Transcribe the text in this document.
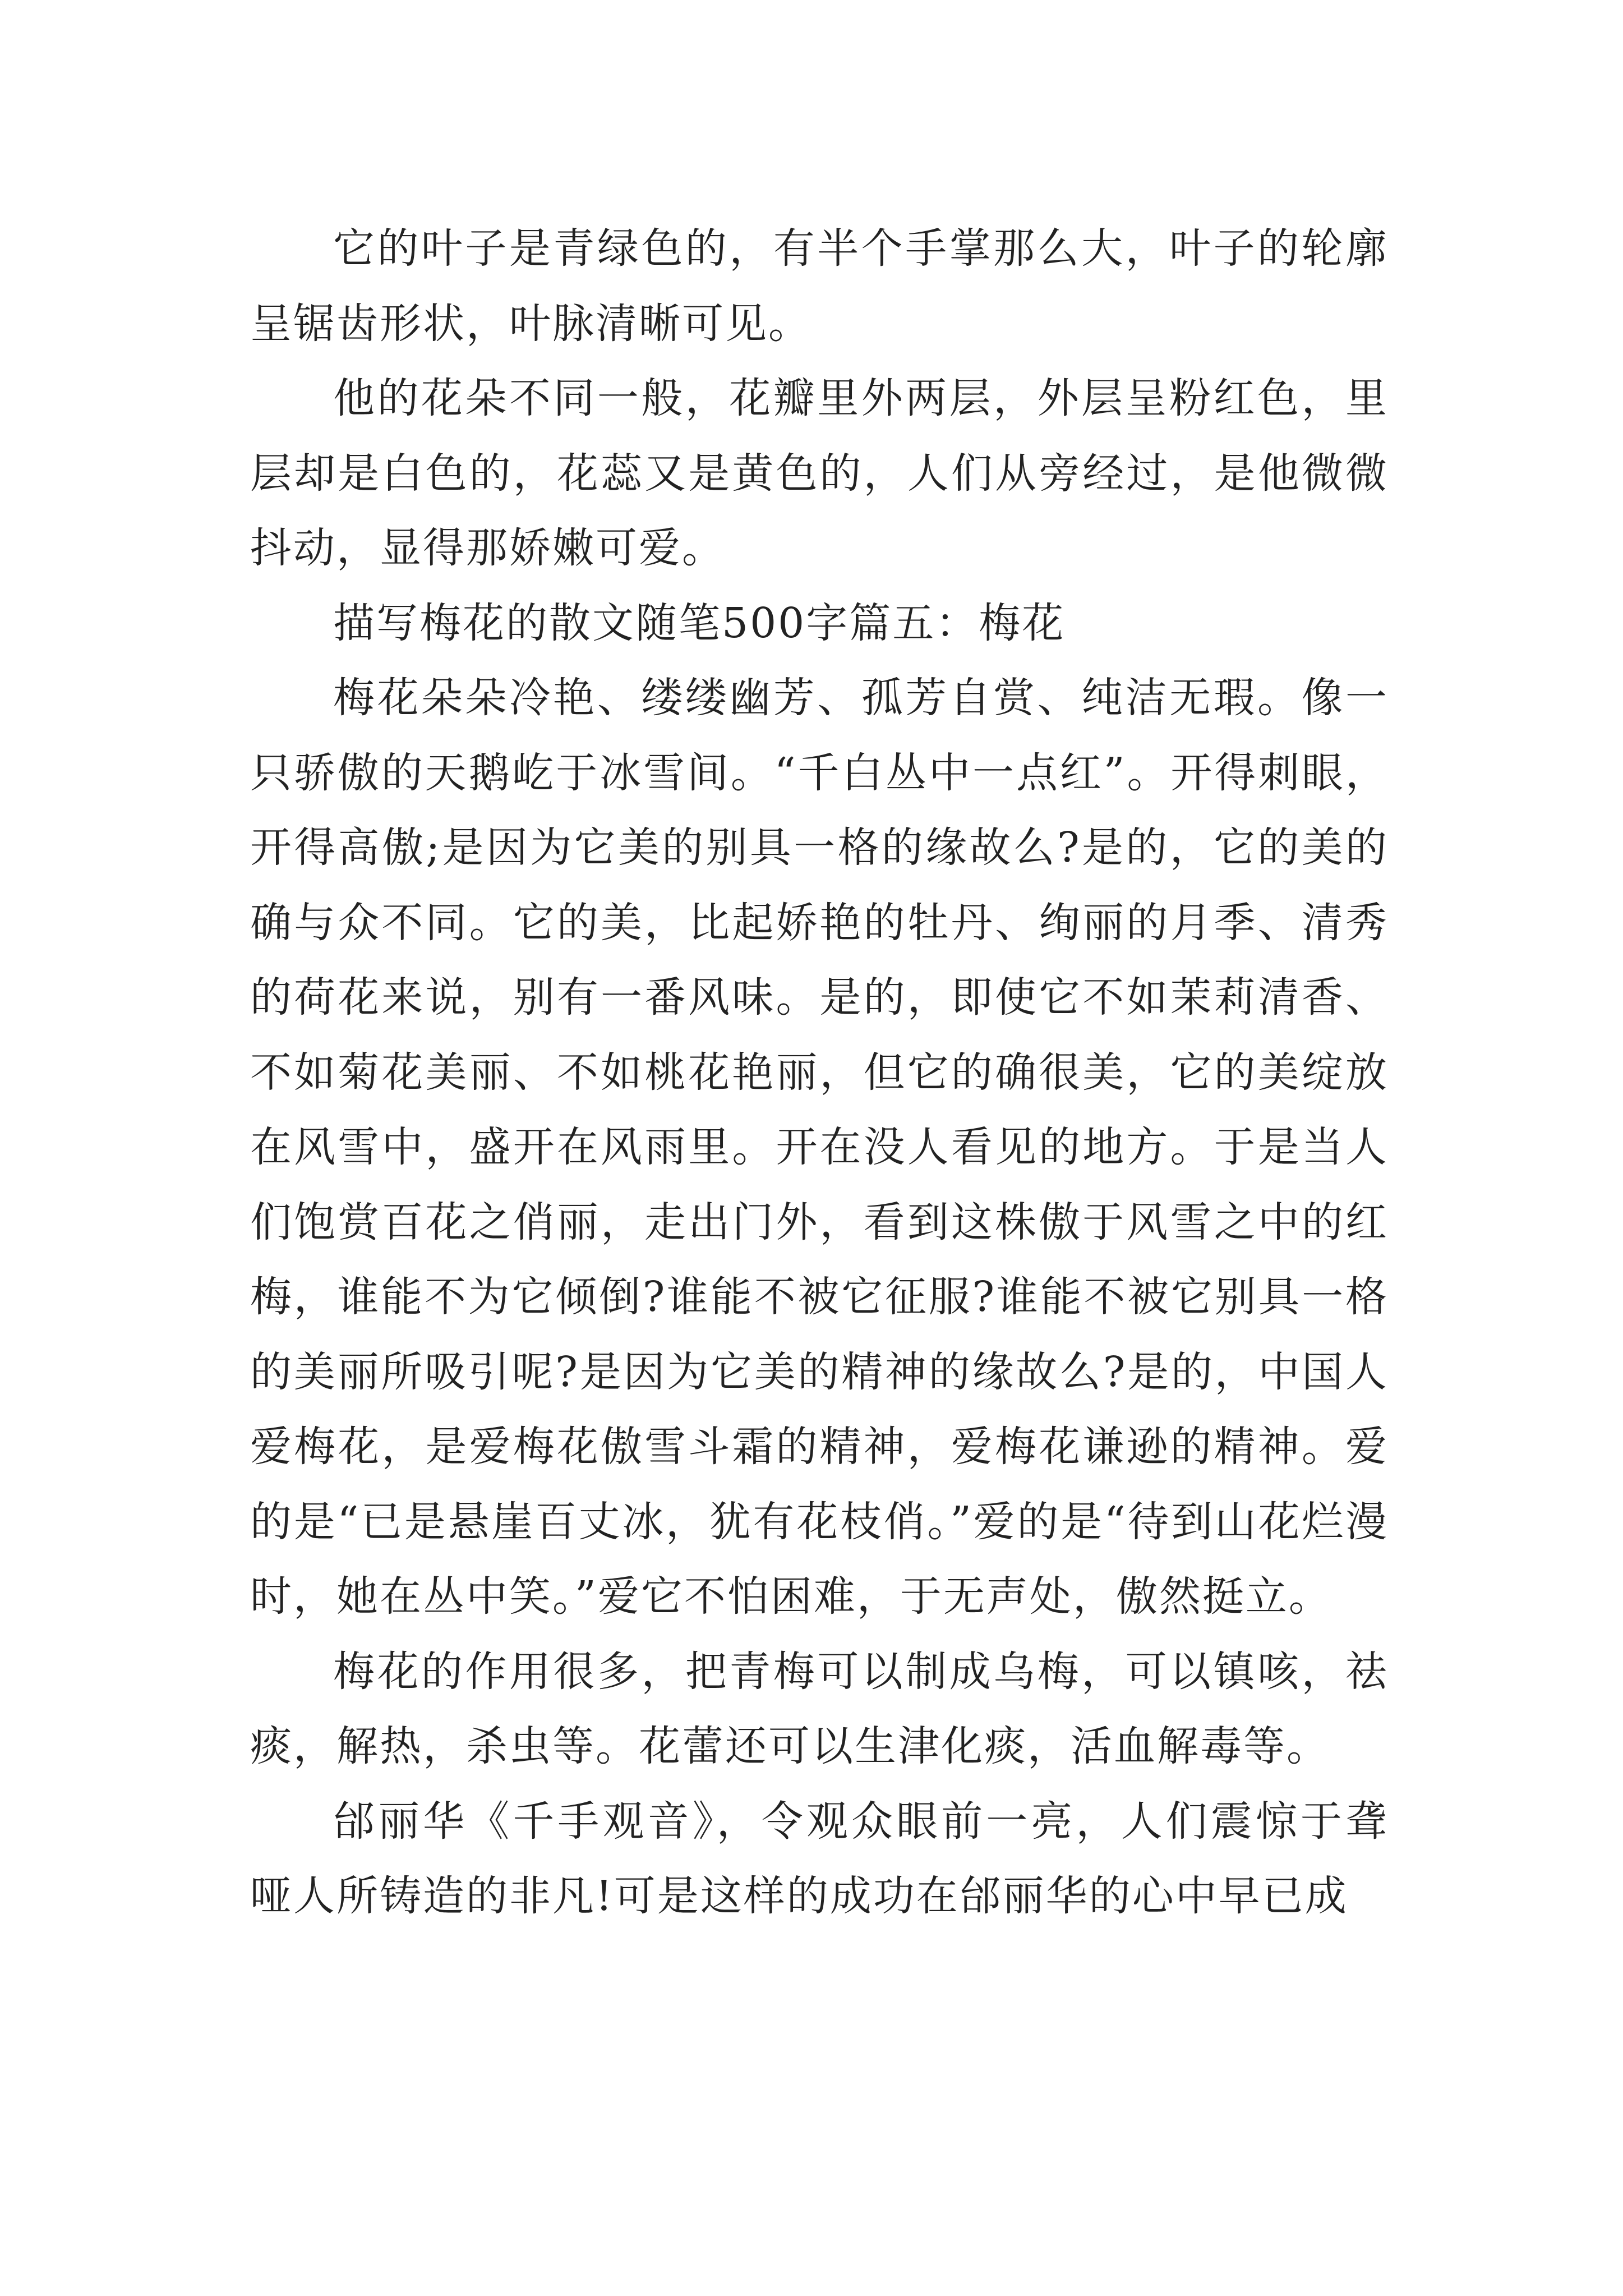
它的叶子是青绿色的，有半个手掌那么大，叶子的轮廓呈锯齿形状，叶脉清晰可见。

他的花朵不同一般，花瓣里外两层，外层呈粉红色，里层却是白色的，花蕊又是黄色的，人们从旁经过，是他微微抖动，显得那娇嫩可爱。

描写梅花的散文随笔500字篇五：梅花

梅花朵朵冷艳、缕缕幽芳、孤芳自赏、纯洁无瑕。像一只骄傲的天鹅屹于冰雪间。“千白丛中一点红”。开得刺眼，开得高傲;是因为它美的别具一格的缘故么?是的，它的美的确与众不同。它的美，比起娇艳的牡丹、绚丽的月季、清秀的荷花来说，别有一番风味。是的，即使它不如茉莉清香、不如菊花美丽、不如桃花艳丽，但它的确很美，它的美绽放在风雪中，盛开在风雨里。开在没人看见的地方。于是当人们饱赏百花之俏丽，走出门外，看到这株傲于风雪之中的红梅，谁能不为它倾倒?谁能不被它征服?谁能不被它别具一格的美丽所吸引呢?是因为它美的精神的缘故么?是的，中国人爱梅花，是爱梅花傲雪斗霜的精神，爱梅花谦逊的精神。爱的是“已是悬崖百丈冰，犹有花枝俏。”爱的是“待到山花烂漫时，她在丛中笑。”爱它不怕困难，于无声处，傲然挺立。

梅花的作用很多，把青梅可以制成乌梅，可以镇咳，祛痰，解热，杀虫等。花蕾还可以生津化痰，活血解毒等。

邰丽华《千手观音》，令观众眼前一亮，人们震惊于聋哑人所铸造的非凡!可是这样的成功在邰丽华的心中早已成
